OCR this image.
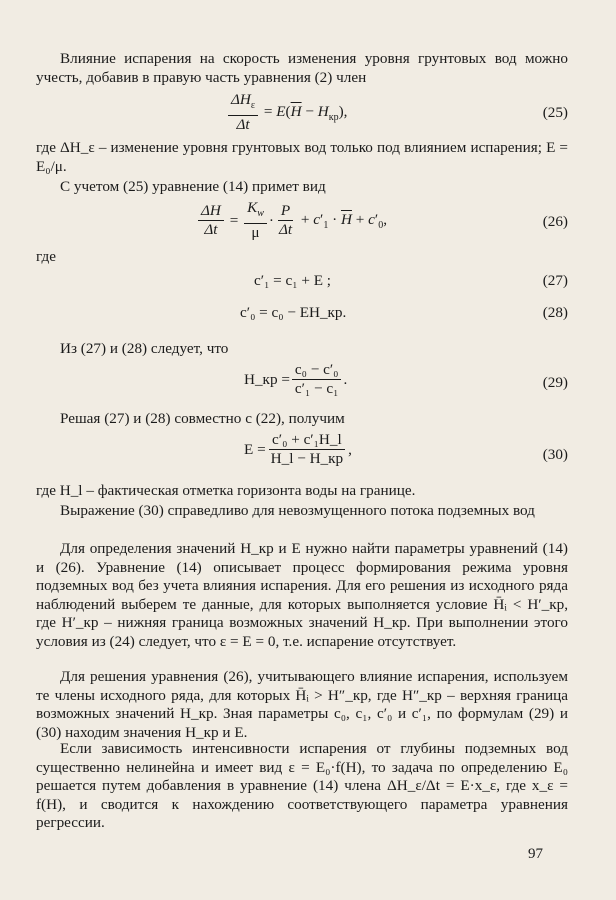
Влияние испарения на скорость изменения уровня грунтовых вод можно учесть, добавив в правую часть уравнения (2) член

$\frac{\Delta H_\varepsilon}{\Delta t} = E(\overline{H} - H_{кр})$,	(25)

где ΔH_ε – изменение уровня грунтовых вод только под влиянием испарения; E = E₀/μ.

С учетом (25) уравнение (14) примет вид

$\frac{\Delta H}{\Delta t} = \frac{K_w}{\mu} \cdot \frac{P}{\Delta t} + c'_1 \cdot \overline{H} + c'_0$,	(26)

где

c′₁ = c₁ + E ;	(27)
c′₀ = c₀ − EH_кр.	(28)

Из (27) и (28) следует, что

H_кр = $\frac{\text{c₀ − c′₀}}{\text{c′₁ − c₁}}$ .	(29)

Решая (27) и (28) совместно с (22), получим

$E = \frac{\text{c′₀ + c′₁H\_l}}{H\_l - H\_кр}$ ,	(30)

где H_l – фактическая отметка горизонта воды на границе.

Выражение (30) справедливо для невозмущенного потока подземных вод

Для определения значений H_кр и E нужно найти параметры уравнений (14) и (26). Уравнение (14) описывает процесс формирования режима уровня подземных вод без учета влияния испарения. Для его решения из исходного ряда наблюдений выберем те данные, для которых выполняется условие H̄ᵢ < H′_кр, где H′_кр – нижняя граница возможных значений H_кр. При выполнении этого условия из (24) следует, что ε = E = 0, т.е. испарение отсутствует.

Для решения уравнения (26), учитывающего влияние испарения, используем те члены исходного ряда, для которых H̄ᵢ > H″_кр, где H″_кр – верхняя граница возможных значений H_кр. Зная параметры c₀, c₁, c′₀ и c′₁, по формулам (29) и (30) находим значения H_кр и E.

Если зависимость интенсивности испарения от глубины подземных вод существенно нелинейна и имеет вид ε = E₀·f(H), то задача по определению E₀ решается путем добавления в уравнение (14) члена ΔH_ε/Δt = E·x_ε, где x_ε = f(H), и сводится к нахождению соответствующего параметра уравнения регрессии.

97
